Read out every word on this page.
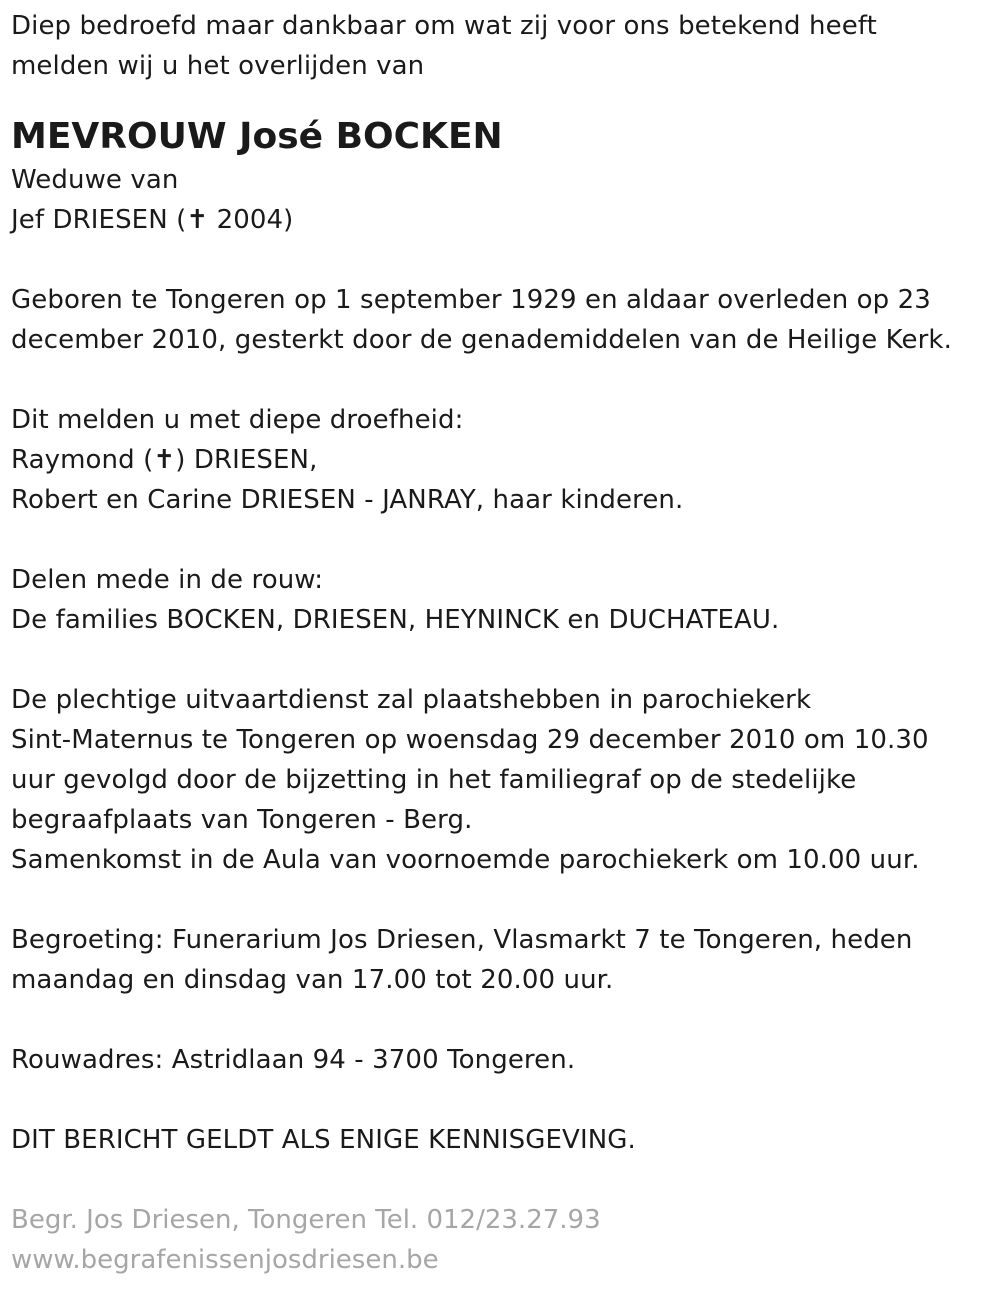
Diep bedroefd maar dankbaar om wat zij voor ons betekend heeft
melden wij u het overlijden van
MEVROUW José BOCKEN
Weduwe van
Jef DRIESEN (✝ 2004)
Geboren te Tongeren op 1 september 1929 en aldaar overleden op 23
december 2010, gesterkt door de genademiddelen van de Heilige Kerk.
Dit melden u met diepe droefheid:
Raymond (✝) DRIESEN,
Robert en Carine DRIESEN - JANRAY, haar kinderen.
Delen mede in de rouw:
De families BOCKEN, DRIESEN, HEYNINCK en DUCHATEAU.
De plechtige uitvaartdienst zal plaatshebben in parochiekerk
Sint-Maternus te Tongeren op woensdag 29 december 2010 om 10.30
uur gevolgd door de bijzetting in het familiegraf op de stedelijke
begraafplaats van Tongeren - Berg.
Samenkomst in de Aula van voornoemde parochiekerk om 10.00 uur.
Begroeting: Funerarium Jos Driesen, Vlasmarkt 7 te Tongeren, heden
maandag en dinsdag van 17.00 tot 20.00 uur.
Rouwadres: Astridlaan 94 - 3700 Tongeren.
DIT BERICHT GELDT ALS ENIGE KENNISGEVING.
Begr. Jos Driesen, Tongeren Tel. 012/23.27.93
www.begrafenissenjosdriesen.be
